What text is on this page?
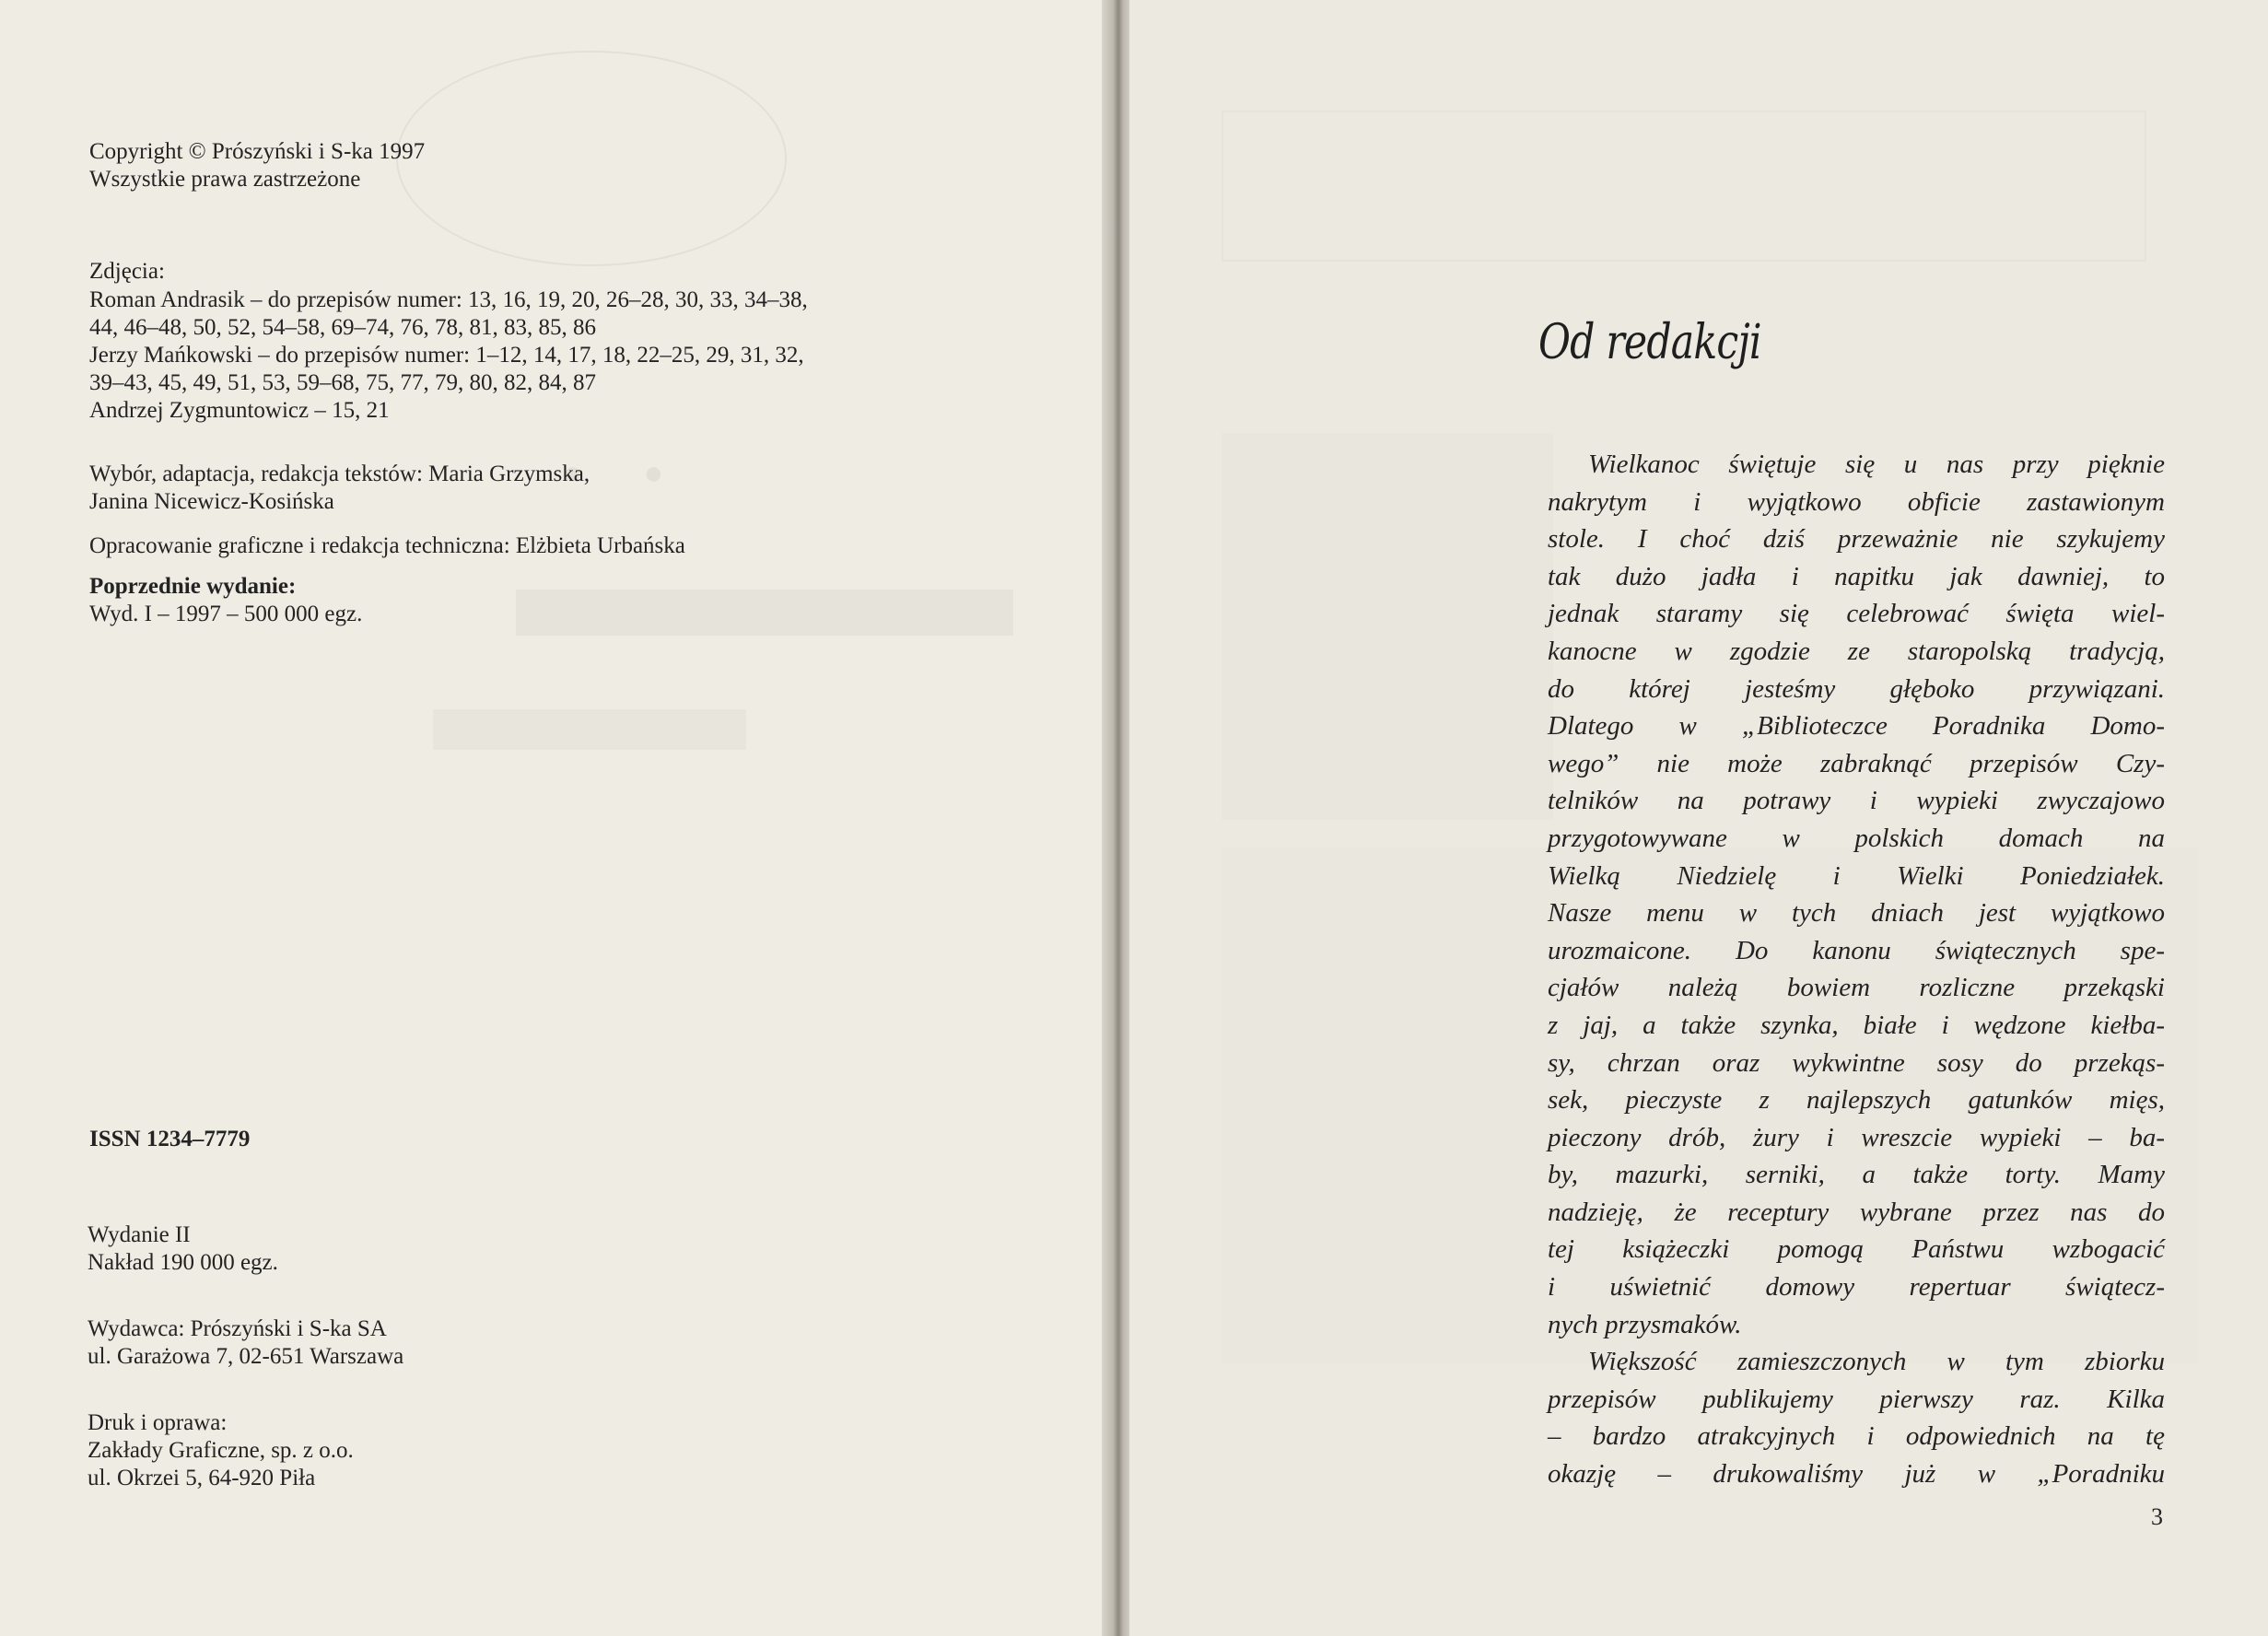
· ·
Copyright © Prószyński i S-ka 1997
Wszystkie prawa zastrzeżone
Zdjęcia:
Roman Andrasik – do przepisów numer: 13, 16, 19, 20, 26–28, 30, 33, 34–38,
44, 46–48, 50, 52, 54–58, 69–74, 76, 78, 81, 83, 85, 86
Jerzy Mańkowski – do przepisów numer: 1–12, 14, 17, 18, 22–25, 29, 31, 32,
39–43, 45, 49, 51, 53, 59–68, 75, 77, 79, 80, 82, 84, 87
Andrzej Zygmuntowicz – 15, 21
Wybór, adaptacja, redakcja tekstów: Maria Grzymska,
Janina Nicewicz-Kosińska
Opracowanie graficzne i redakcja techniczna: Elżbieta Urbańska
Poprzednie wydanie:
Wyd. I – 1997 – 500 000 egz.
ISSN 1234–7779
Wydanie II
Nakład 190 000 egz.
Wydawca: Prószyński i S-ka SA
ul. Garażowa 7, 02-651 Warszawa
Druk i oprawa:
Zakłady Graficzne, sp. z o.o.
ul. Okrzei 5, 64-920 Piła
Od redakcji
Wielkanoc świętuje się u nas przy pięknie
nakrytym i wyjątkowo obficie zastawionym
stole. I choć dziś przeważnie nie szykujemy
tak dużo jadła i napitku jak dawniej, to
jednak staramy się celebrować święta wiel-
kanocne w zgodzie ze staropolską tradycją,
do której jesteśmy głęboko przywiązani.
Dlatego w „Biblioteczce Poradnika Domo-
wego” nie może zabraknąć przepisów Czy-
telników na potrawy i wypieki zwyczajowo
przygotowywane w polskich domach na
Wielką Niedzielę i Wielki Poniedziałek.
Nasze menu w tych dniach jest wyjątkowo
urozmaicone. Do kanonu świątecznych spe-
cjałów należą bowiem rozliczne przekąski
z jaj, a także szynka, białe i wędzone kiełba-
sy, chrzan oraz wykwintne sosy do przekąs-
sek, pieczyste z najlepszych gatunków mięs,
pieczony drób, żury i wreszcie wypieki – ba-
by, mazurki, serniki, a także torty. Mamy
nadzieję, że receptury wybrane przez nas do
tej książeczki pomogą Państwu wzbogacić
i uświetnić domowy repertuar świątecz-
nych przysmaków.
Większość zamieszczonych w tym zbiorku
przepisów publikujemy pierwszy raz. Kilka
– bardzo atrakcyjnych i odpowiednich na tę
okazję – drukowaliśmy już w „Poradniku
3
